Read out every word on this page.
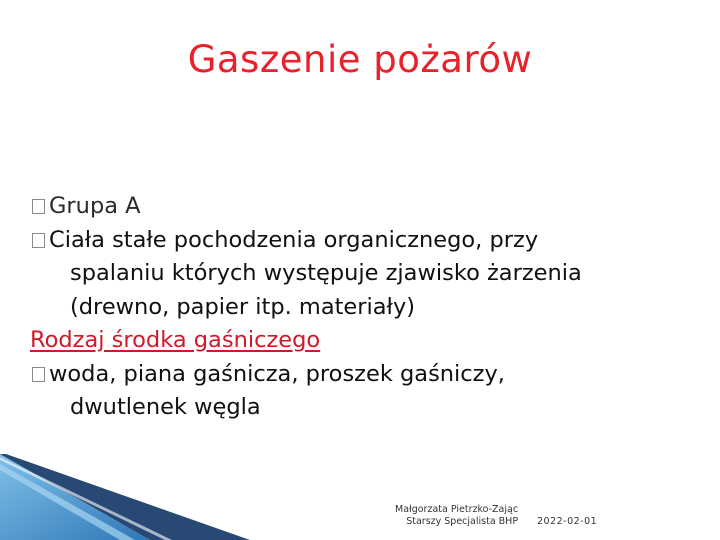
Gaszenie pożarów
Grupa A
Ciała stałe pochodzenia organicznego, przy
spalaniu których występuje zjawisko żarzenia
(drewno, papier itp. materiały)
Rodzaj środka gaśniczego
woda, piana gaśnicza, proszek gaśniczy,
dwutlenek węgla
Małgorzata Pietrzko-Zając
Starszy Specjalista BHP 2022-02-01
